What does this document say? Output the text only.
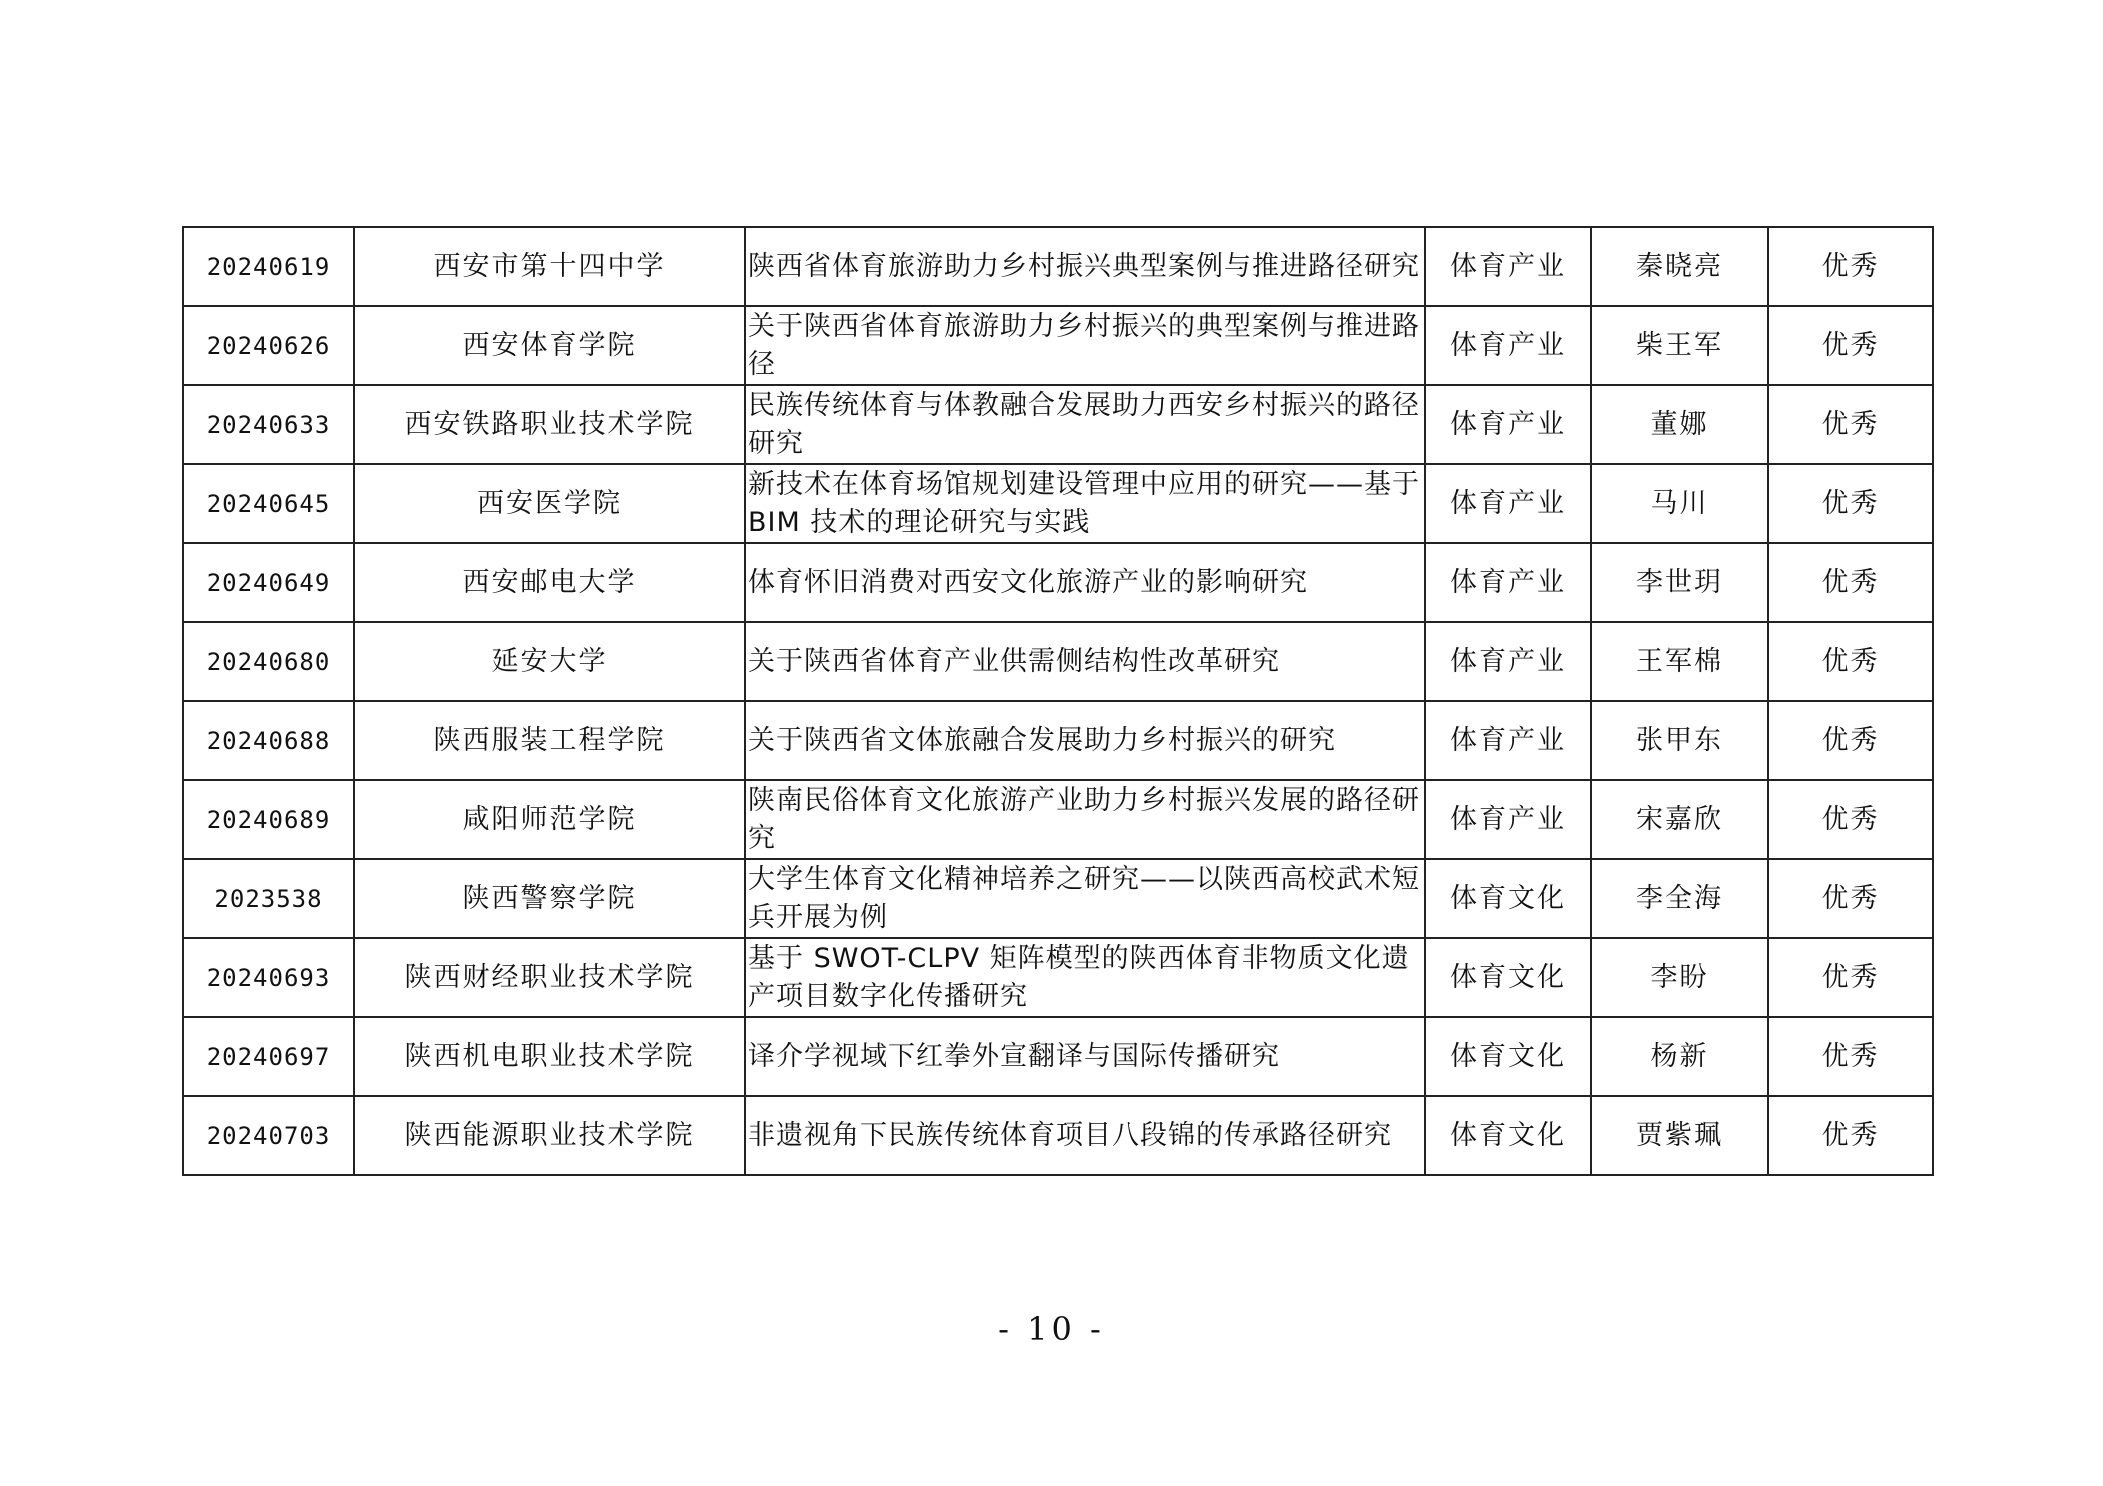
20240619	西安市第十四中学	陕西省体育旅游助力乡村振兴典型案例与推进路径研究	体育产业	秦晓亮	优秀
20240626	西安体育学院	关于陕西省体育旅游助力乡村振兴的典型案例与推进路径	体育产业	柴王军	优秀
20240633	西安铁路职业技术学院	民族传统体育与体教融合发展助力西安乡村振兴的路径研究	体育产业	董娜	优秀
20240645	西安医学院	新技术在体育场馆规划建设管理中应用的研究——基于 BIM 技术的理论研究与实践	体育产业	马川	优秀
20240649	西安邮电大学	体育怀旧消费对西安文化旅游产业的影响研究	体育产业	李世玥	优秀
20240680	延安大学	关于陕西省体育产业供需侧结构性改革研究	体育产业	王军棉	优秀
20240688	陕西服装工程学院	关于陕西省文体旅融合发展助力乡村振兴的研究	体育产业	张甲东	优秀
20240689	咸阳师范学院	陕南民俗体育文化旅游产业助力乡村振兴发展的路径研究	体育产业	宋嘉欣	优秀
2023538	陕西警察学院	大学生体育文化精神培养之研究——以陕西高校武术短兵开展为例	体育文化	李全海	优秀
20240693	陕西财经职业技术学院	基于 SWOT-CLPV 矩阵模型的陕西体育非物质文化遗产项目数字化传播研究	体育文化	李盼	优秀
20240697	陕西机电职业技术学院	译介学视域下红拳外宣翻译与国际传播研究	体育文化	杨新	优秀
20240703	陕西能源职业技术学院	非遗视角下民族传统体育项目八段锦的传承路径研究	体育文化	贾紫珮	优秀
- 10 -
